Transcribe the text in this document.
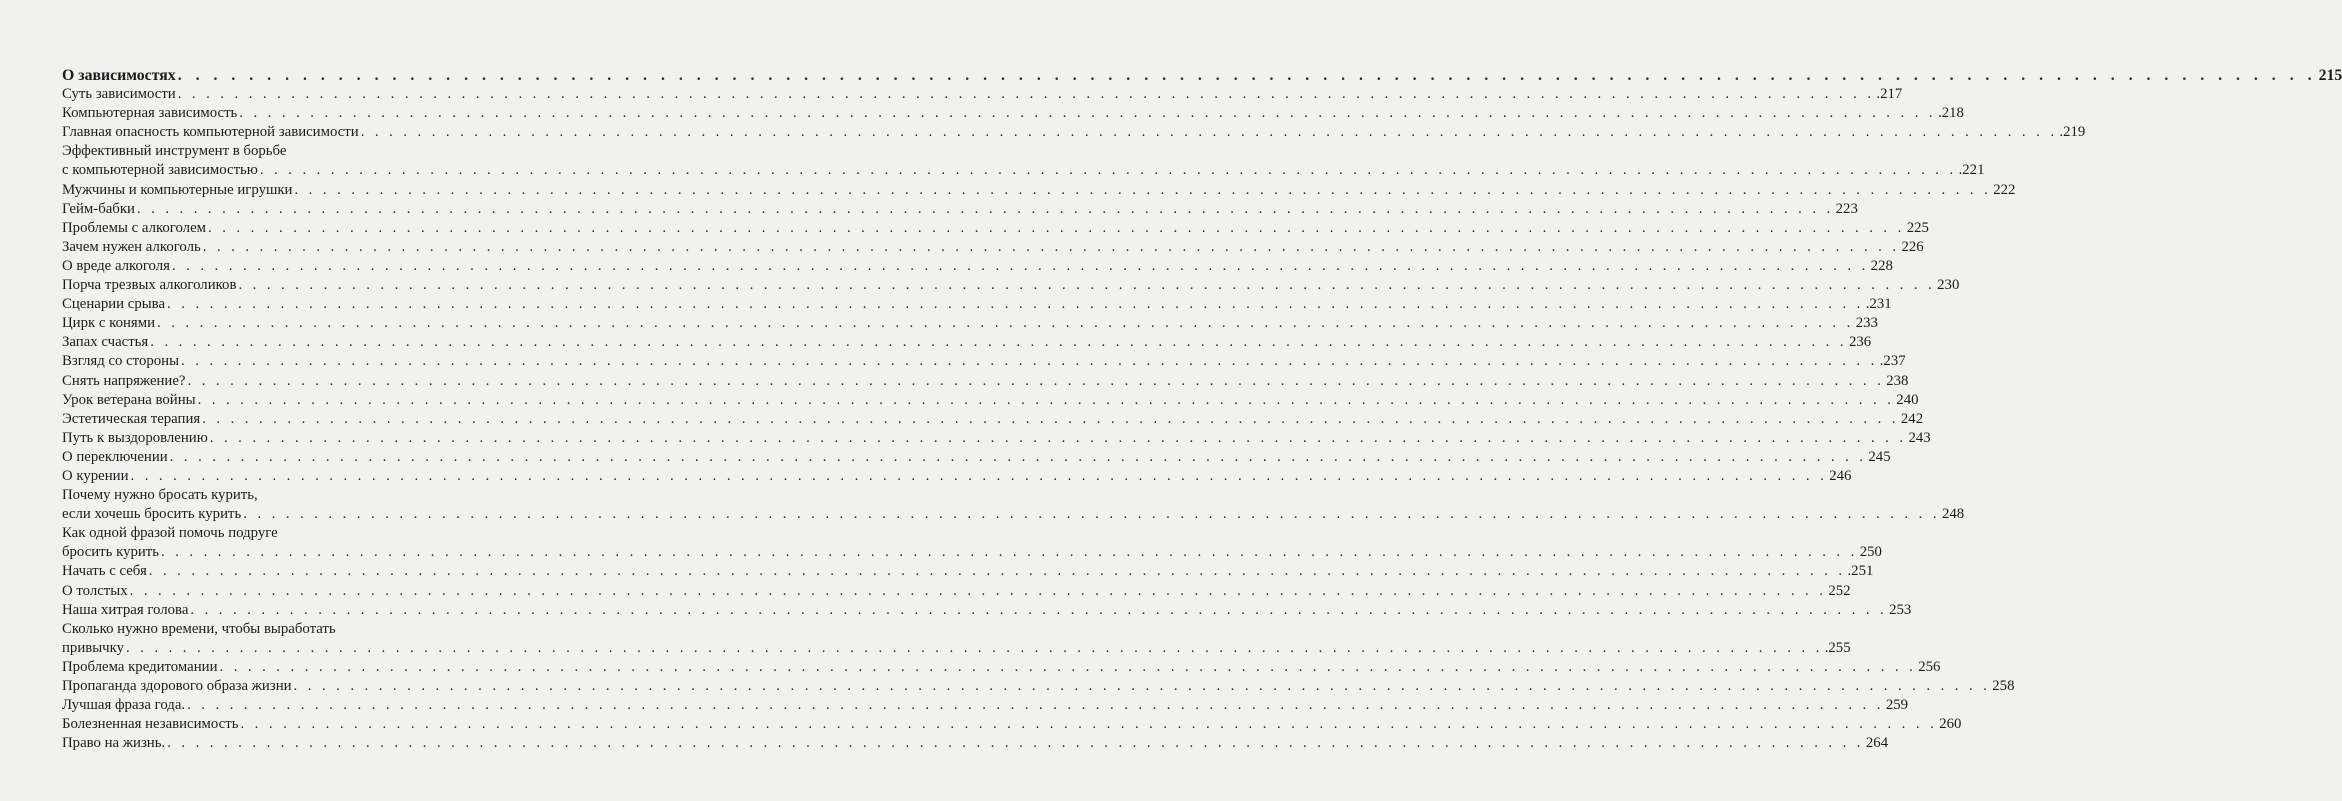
О зависимостях . . . . . . . . . . . . . . . . . . . . . . . . . . . . . . . . . . . . . . . . . . . . . . . . . . . . . . . . . . . . . . . . . . . . . . . . . . . . . . . . . . . . . . . . . . . . . . . . . . . . . . . . . . . . . . . . . . . . . . . . 215
Суть зависимости . . . . . . . . . . . . . . . . . . . . . . . . . . . . . . . . . . . . . . . . . . . . . . . . . . . . . . . . . . . . . . . . . . . . . . . . . . . . . . . . . . . . . . . . . . . . . . . . . . . . . . . . . . . . . . . . . . . . . . . . .217
Компьютерная зависимость . . . . . . . . . . . . . . . . . . . . . . . . . . . . . . . . . . . . . . . . . . . . . . . . . . . . . . . . . . . . . . . . . . . . . . . . . . . . . . . . . . . . . . . . . . . . . . . . . . . . . . . . . . . . . . . . . . . . . . . . .218
Главная опасность компьютерной зависимости . . . . . . . . . . . . . . . . . . . . . . . . . . . . . . . . . . . . . . . . . . . . . . . . . . . . . . . . . . . . . . . . . . . . . . . . . . . . . . . . . . . . . . . . . . . . . . . . . . . . . . . . . . . . . . . . . . . . . . . . .219
Эффективный инструмент в борьбе
с компьютерной зависимостью . . . . . . . . . . . . . . . . . . . . . . . . . . . . . . . . . . . . . . . . . . . . . . . . . . . . . . . . . . . . . . . . . . . . . . . . . . . . . . . . . . . . . . . . . . . . . . . . . . . . . . . . . . . . . . . . . . . . . . . . .221
Мужчины и компьютерные игрушки . . . . . . . . . . . . . . . . . . . . . . . . . . . . . . . . . . . . . . . . . . . . . . . . . . . . . . . . . . . . . . . . . . . . . . . . . . . . . . . . . . . . . . . . . . . . . . . . . . . . . . . . . . . . . . . . . . . . . . . . 222
Гейм-бабки . . . . . . . . . . . . . . . . . . . . . . . . . . . . . . . . . . . . . . . . . . . . . . . . . . . . . . . . . . . . . . . . . . . . . . . . . . . . . . . . . . . . . . . . . . . . . . . . . . . . . . . . . . . . . . . . . . . . . . . . 223
Проблемы с алкоголем . . . . . . . . . . . . . . . . . . . . . . . . . . . . . . . . . . . . . . . . . . . . . . . . . . . . . . . . . . . . . . . . . . . . . . . . . . . . . . . . . . . . . . . . . . . . . . . . . . . . . . . . . . . . . . . . . . . . . . . . 225
Зачем нужен алкоголь . . . . . . . . . . . . . . . . . . . . . . . . . . . . . . . . . . . . . . . . . . . . . . . . . . . . . . . . . . . . . . . . . . . . . . . . . . . . . . . . . . . . . . . . . . . . . . . . . . . . . . . . . . . . . . . . . . . . . . . . 226
О вреде алкоголя . . . . . . . . . . . . . . . . . . . . . . . . . . . . . . . . . . . . . . . . . . . . . . . . . . . . . . . . . . . . . . . . . . . . . . . . . . . . . . . . . . . . . . . . . . . . . . . . . . . . . . . . . . . . . . . . . . . . . . . . 228
Порча трезвых алкоголиков . . . . . . . . . . . . . . . . . . . . . . . . . . . . . . . . . . . . . . . . . . . . . . . . . . . . . . . . . . . . . . . . . . . . . . . . . . . . . . . . . . . . . . . . . . . . . . . . . . . . . . . . . . . . . . . . . . . . . . . . 230
Сценарии срыва . . . . . . . . . . . . . . . . . . . . . . . . . . . . . . . . . . . . . . . . . . . . . . . . . . . . . . . . . . . . . . . . . . . . . . . . . . . . . . . . . . . . . . . . . . . . . . . . . . . . . . . . . . . . . . . . . . . . . . . . .231
Цирк с конями . . . . . . . . . . . . . . . . . . . . . . . . . . . . . . . . . . . . . . . . . . . . . . . . . . . . . . . . . . . . . . . . . . . . . . . . . . . . . . . . . . . . . . . . . . . . . . . . . . . . . . . . . . . . . . . . . . . . . . . . 233
Запах счастья . . . . . . . . . . . . . . . . . . . . . . . . . . . . . . . . . . . . . . . . . . . . . . . . . . . . . . . . . . . . . . . . . . . . . . . . . . . . . . . . . . . . . . . . . . . . . . . . . . . . . . . . . . . . . . . . . . . . . . . . 236
Взгляд со стороны . . . . . . . . . . . . . . . . . . . . . . . . . . . . . . . . . . . . . . . . . . . . . . . . . . . . . . . . . . . . . . . . . . . . . . . . . . . . . . . . . . . . . . . . . . . . . . . . . . . . . . . . . . . . . . . . . . . . . . . . .237
Снять напряжение? . . . . . . . . . . . . . . . . . . . . . . . . . . . . . . . . . . . . . . . . . . . . . . . . . . . . . . . . . . . . . . . . . . . . . . . . . . . . . . . . . . . . . . . . . . . . . . . . . . . . . . . . . . . . . . . . . . . . . . . . 238
Урок ветерана войны . . . . . . . . . . . . . . . . . . . . . . . . . . . . . . . . . . . . . . . . . . . . . . . . . . . . . . . . . . . . . . . . . . . . . . . . . . . . . . . . . . . . . . . . . . . . . . . . . . . . . . . . . . . . . . . . . . . . . . . . 240
Эстетическая терапия . . . . . . . . . . . . . . . . . . . . . . . . . . . . . . . . . . . . . . . . . . . . . . . . . . . . . . . . . . . . . . . . . . . . . . . . . . . . . . . . . . . . . . . . . . . . . . . . . . . . . . . . . . . . . . . . . . . . . . . . 242
Путь к выздоровлению . . . . . . . . . . . . . . . . . . . . . . . . . . . . . . . . . . . . . . . . . . . . . . . . . . . . . . . . . . . . . . . . . . . . . . . . . . . . . . . . . . . . . . . . . . . . . . . . . . . . . . . . . . . . . . . . . . . . . . . . 243
О переключении . . . . . . . . . . . . . . . . . . . . . . . . . . . . . . . . . . . . . . . . . . . . . . . . . . . . . . . . . . . . . . . . . . . . . . . . . . . . . . . . . . . . . . . . . . . . . . . . . . . . . . . . . . . . . . . . . . . . . . . . 245
О курении . . . . . . . . . . . . . . . . . . . . . . . . . . . . . . . . . . . . . . . . . . . . . . . . . . . . . . . . . . . . . . . . . . . . . . . . . . . . . . . . . . . . . . . . . . . . . . . . . . . . . . . . . . . . . . . . . . . . . . . . 246
Почему нужно бросать курить,
если хочешь бросить курить . . . . . . . . . . . . . . . . . . . . . . . . . . . . . . . . . . . . . . . . . . . . . . . . . . . . . . . . . . . . . . . . . . . . . . . . . . . . . . . . . . . . . . . . . . . . . . . . . . . . . . . . . . . . . . . . . . . . . . . . 248
Как одной фразой помочь подруге
бросить курить . . . . . . . . . . . . . . . . . . . . . . . . . . . . . . . . . . . . . . . . . . . . . . . . . . . . . . . . . . . . . . . . . . . . . . . . . . . . . . . . . . . . . . . . . . . . . . . . . . . . . . . . . . . . . . . . . . . . . . . . 250
Начать с себя . . . . . . . . . . . . . . . . . . . . . . . . . . . . . . . . . . . . . . . . . . . . . . . . . . . . . . . . . . . . . . . . . . . . . . . . . . . . . . . . . . . . . . . . . . . . . . . . . . . . . . . . . . . . . . . . . . . . . . . . .251
О толстых . . . . . . . . . . . . . . . . . . . . . . . . . . . . . . . . . . . . . . . . . . . . . . . . . . . . . . . . . . . . . . . . . . . . . . . . . . . . . . . . . . . . . . . . . . . . . . . . . . . . . . . . . . . . . . . . . . . . . . . . 252
Наша хитрая голова . . . . . . . . . . . . . . . . . . . . . . . . . . . . . . . . . . . . . . . . . . . . . . . . . . . . . . . . . . . . . . . . . . . . . . . . . . . . . . . . . . . . . . . . . . . . . . . . . . . . . . . . . . . . . . . . . . . . . . . . 253
Сколько нужно времени, чтобы выработать
привычку . . . . . . . . . . . . . . . . . . . . . . . . . . . . . . . . . . . . . . . . . . . . . . . . . . . . . . . . . . . . . . . . . . . . . . . . . . . . . . . . . . . . . . . . . . . . . . . . . . . . . . . . . . . . . . . . . . . . . . . . .255
Проблема кредитомании . . . . . . . . . . . . . . . . . . . . . . . . . . . . . . . . . . . . . . . . . . . . . . . . . . . . . . . . . . . . . . . . . . . . . . . . . . . . . . . . . . . . . . . . . . . . . . . . . . . . . . . . . . . . . . . . . . . . . . . . 256
Пропаганда здорового образа жизни . . . . . . . . . . . . . . . . . . . . . . . . . . . . . . . . . . . . . . . . . . . . . . . . . . . . . . . . . . . . . . . . . . . . . . . . . . . . . . . . . . . . . . . . . . . . . . . . . . . . . . . . . . . . . . . . . . . . . . . . 258
Лучшая фраза года. . . . . . . . . . . . . . . . . . . . . . . . . . . . . . . . . . . . . . . . . . . . . . . . . . . . . . . . . . . . . . . . . . . . . . . . . . . . . . . . . . . . . . . . . . . . . . . . . . . . . . . . . . . . . . . . . . . . . . . . . 259
Болезненная независимость . . . . . . . . . . . . . . . . . . . . . . . . . . . . . . . . . . . . . . . . . . . . . . . . . . . . . . . . . . . . . . . . . . . . . . . . . . . . . . . . . . . . . . . . . . . . . . . . . . . . . . . . . . . . . . . . . . . . . . . . 260
Право на жизнь. . . . . . . . . . . . . . . . . . . . . . . . . . . . . . . . . . . . . . . . . . . . . . . . . . . . . . . . . . . . . . . . . . . . . . . . . . . . . . . . . . . . . . . . . . . . . . . . . . . . . . . . . . . . . . . . . . . . . . . . . 264
